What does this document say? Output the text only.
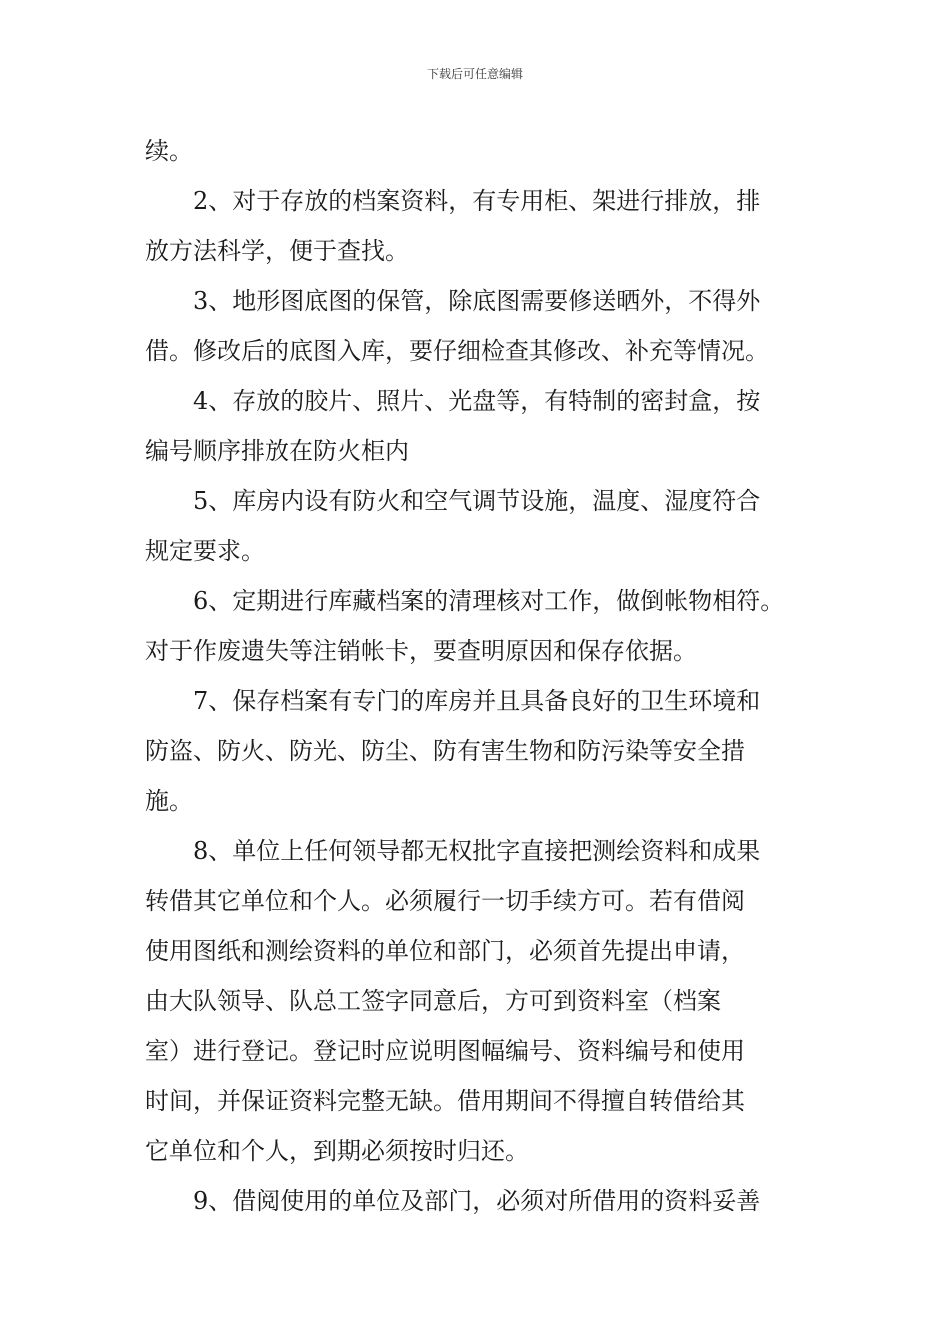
下载后可任意编辑
续。
2、对于存放的档案资料，有专用柜、架进行排放，排
放方法科学，便于查找。
3、地形图底图的保管，除底图需要修送晒外，不得外
借。修改后的底图入库，要仔细检查其修改、补充等情况。
4、存放的胶片、照片、光盘等，有特制的密封盒，按
编号顺序排放在防火柜内
5、库房内设有防火和空气调节设施，温度、湿度符合
规定要求。
6、定期进行库藏档案的清理核对工作，做倒帐物相符。
对于作废遗失等注销帐卡，要查明原因和保存依据。
7、保存档案有专门的库房并且具备良好的卫生环境和
防盗、防火、防光、防尘、防有害生物和防污染等安全措
施。
8、单位上任何领导都无权批字直接把测绘资料和成果
转借其它单位和个人。必须履行一切手续方可。若有借阅
使用图纸和测绘资料的单位和部门，必须首先提出申请，
由大队领导、队总工签字同意后，方可到资料室（档案
室）进行登记。登记时应说明图幅编号、资料编号和使用
时间，并保证资料完整无缺。借用期间不得擅自转借给其
它单位和个人，到期必须按时归还。
9、借阅使用的单位及部门，必须对所借用的资料妥善
